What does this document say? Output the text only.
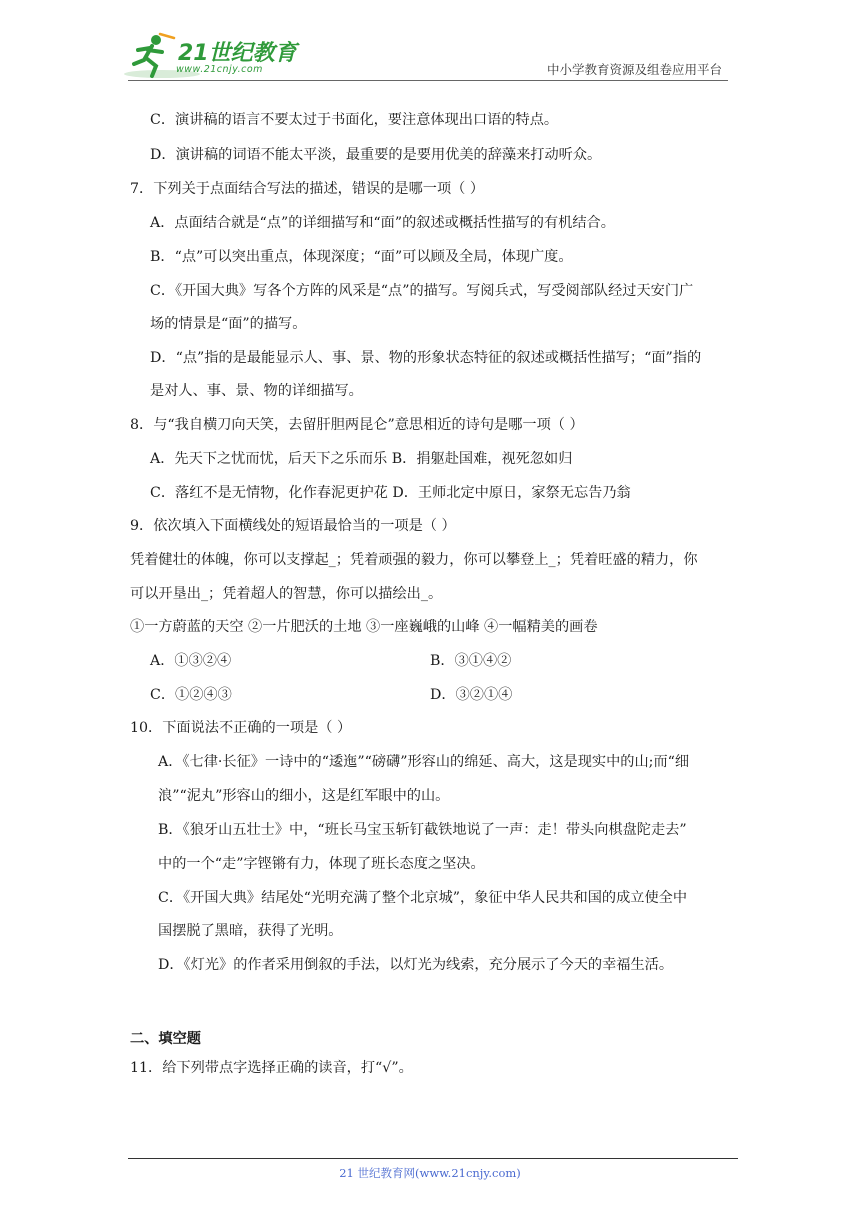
21世纪教育
www.21cnjy.com	中小学教育资源及组卷应用平台
C．演讲稿的语言不要太过于书面化，要注意体现出口语的特点。
D．演讲稿的词语不能太平淡，最重要的是要用优美的辞藻来打动听众。
7．下列关于点面结合写法的描述，错误的是哪一项（ ）
A．点面结合就是“点”的详细描写和“面”的叙述或概括性描写的有机结合。
B．“点”可以突出重点，体现深度；“面”可以顾及全局，体现广度。
C．《开国大典》写各个方阵的风采是“点”的描写。写阅兵式，写受阅部队经过天安门广
场的情景是“面”的描写。
D．“点”指的是最能显示人、事、景、物的形象状态特征的叙述或概括性描写；“面”指的
是对人、事、景、物的详细描写。
8．与“我自横刀向天笑，去留肝胆两昆仑”意思相近的诗句是哪一项（ ）
A．先天下之忧而忧，后天下之乐而乐 B．捐躯赴国难，视死忽如归
C．落红不是无情物，化作春泥更护花 D．王师北定中原日，家祭无忘告乃翁
9．依次填入下面横线处的短语最恰当的一项是（ ）
凭着健壮的体魄，你可以支撑起_；凭着顽强的毅力，你可以攀登上_；凭着旺盛的精力，你
可以开垦出_；凭着超人的智慧，你可以描绘出_。
①一方蔚蓝的天空 ②一片肥沃的土地 ③一座巍峨的山峰 ④一幅精美的画卷
A．①③②④	B．③①④②
C．①②④③	D．③②①④
10．下面说法不正确的一项是（ ）
A．《七律·长征》一诗中的“逶迤”“磅礴”形容山的绵延、高大，这是现实中的山;而“细
浪”“泥丸”形容山的细小，这是红军眼中的山。
B．《狼牙山五壮士》中，“班长马宝玉斩钉截铁地说了一声：走！带头向棋盘陀走去”
中的一个“走”字铿锵有力，体现了班长态度之坚决。
C．《开国大典》结尾处“光明充满了整个北京城”，象征中华人民共和国的成立使全中
国摆脱了黑暗，获得了光明。
D．《灯光》的作者采用倒叙的手法，以灯光为线索，充分展示了今天的幸福生活。
二、填空题
11．给下列带点字选择正确的读音，打“√”。
21 世纪教育网(www.21cnjy.com)
